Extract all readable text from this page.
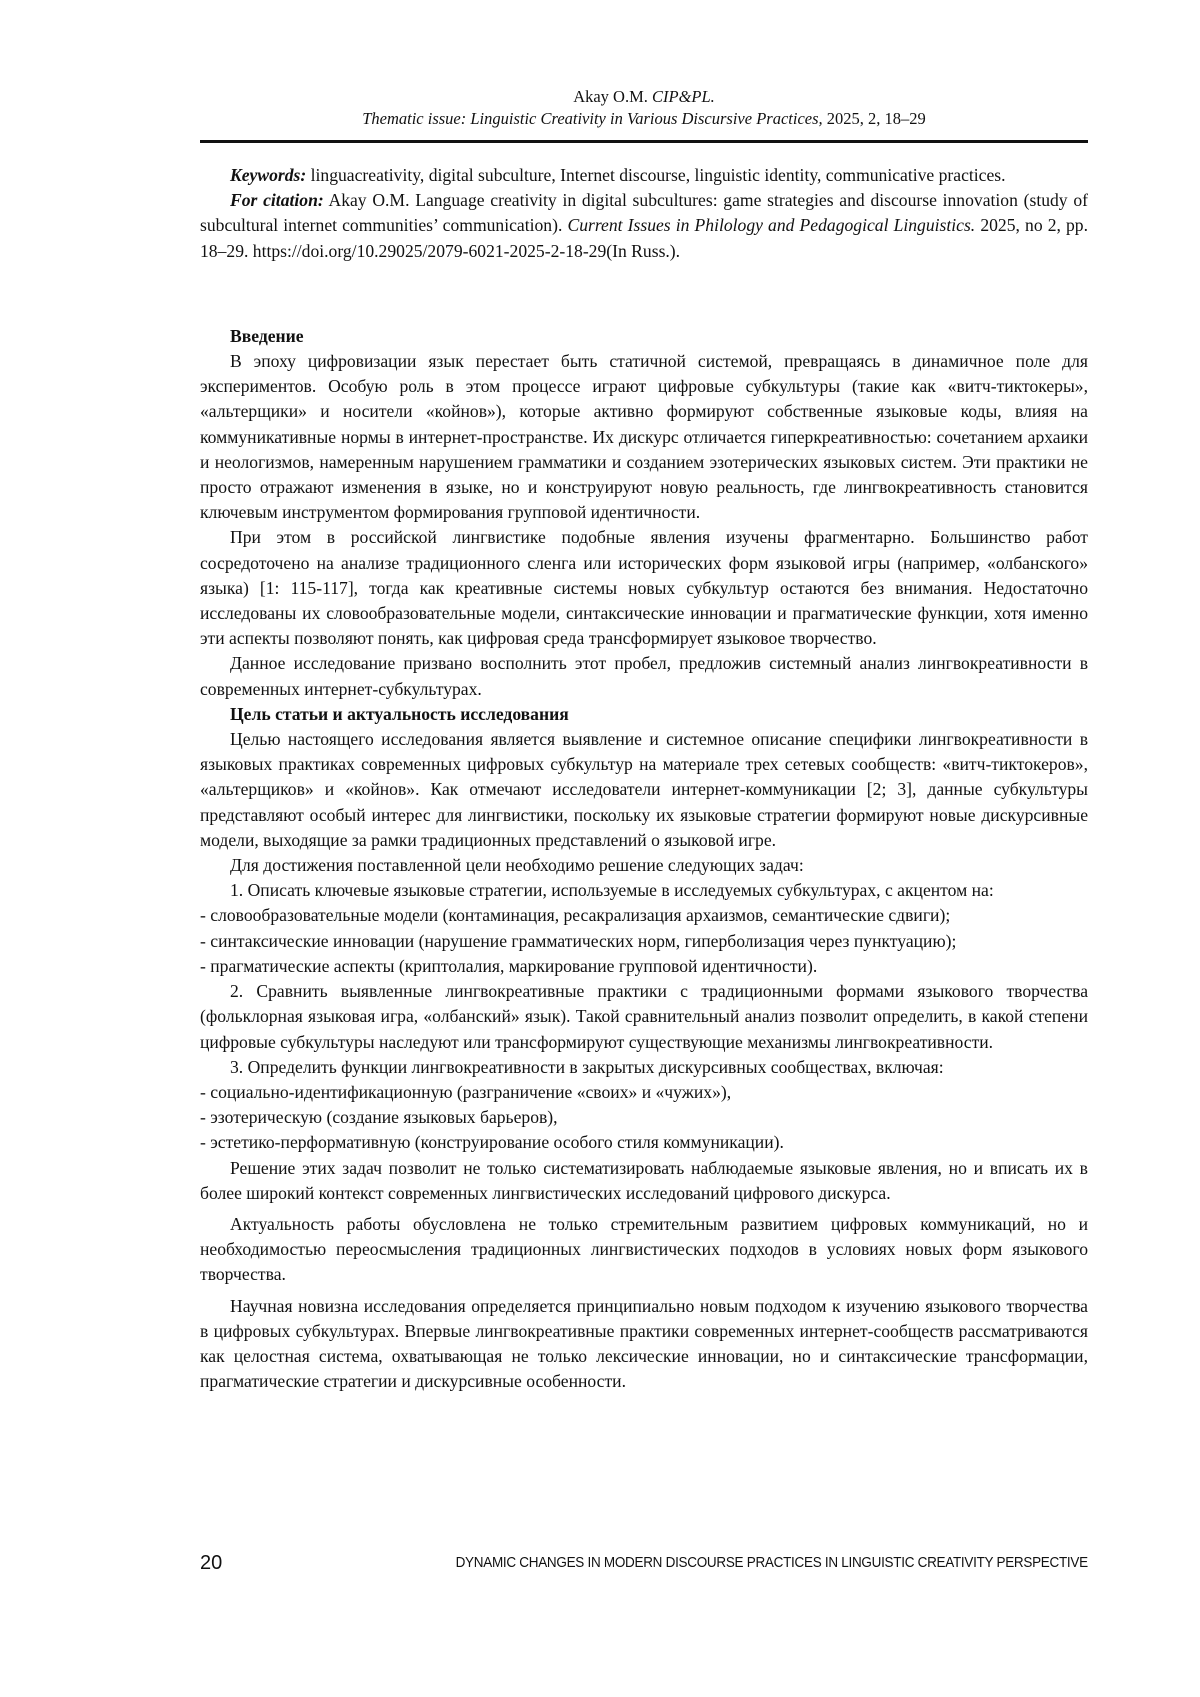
Akay O.M. CIP&PL.
Thematic issue: Linguistic Creativity in Various Discursive Practices, 2025, 2, 18–29

Keywords: linguacreativity, digital subculture, Internet discourse, linguistic identity, communicative practices.

For citation: Akay O.M. Language creativity in digital subcultures: game strategies and discourse innovation (study of subcultural internet communities’ communication). Current Issues in Philology and Pedagogical Linguistics. 2025, no 2, pp. 18–29. https://doi.org/10.29025/2079-6021-2025-2-18-29(In Russ.).

Введение

В эпоху цифровизации язык перестает быть статичной системой, превращаясь в динамичное поле для экспериментов. Особую роль в этом процессе играют цифровые субкультуры (такие как «витч-тиктокеры», «альтерщики» и носители «койнов»), которые активно формируют собственные языковые коды, влияя на коммуникативные нормы в интернет-пространстве. Их дискурс отличается гиперкреативностью: сочетанием архаики и неологизмов, намеренным нарушением грамматики и созданием эзотерических языковых систем. Эти практики не просто отражают изменения в языке, но и конструируют новую реальность, где лингвокреативность становится ключевым инструментом формирования групповой идентичности.

При этом в российской лингвистике подобные явления изучены фрагментарно. Большинство работ сосредоточено на анализе традиционного сленга или исторических форм языковой игры (например, «олбанского» языка) [1: 115-117], тогда как креативные системы новых субкультур остаются без внимания. Недостаточно исследованы их словообразовательные модели, синтаксические инновации и прагматические функции, хотя именно эти аспекты позволяют понять, как цифровая среда трансформирует языковое творчество.

Данное исследование призвано восполнить этот пробел, предложив системный анализ лингвокреативности в современных интернет-субкультурах.

Цель статьи и актуальность исследования

Целью настоящего исследования является выявление и системное описание специфики лингвокреативности в языковых практиках современных цифровых субкультур на материале трех сетевых сообществ: «витч-тиктокеров», «альтерщиков» и «койнов». Как отмечают исследователи интернет-коммуникации [2; 3], данные субкультуры представляют особый интерес для лингвистики, поскольку их языковые стратегии формируют новые дискурсивные модели, выходящие за рамки традиционных представлений о языковой игре.

Для достижения поставленной цели необходимо решение следующих задач:

1. Описать ключевые языковые стратегии, используемые в исследуемых субкультурах, с акцентом на:

- словообразовательные модели (контаминация, ресакрализация архаизмов, семантические сдвиги);

- синтаксические инновации (нарушение грамматических норм, гиперболизация через пунктуацию);

- прагматические аспекты (криптолалия, маркирование групповой идентичности).

2. Сравнить выявленные лингвокреативные практики с традиционными формами языкового творчества (фольклорная языковая игра, «олбанский» язык). Такой сравнительный анализ позволит определить, в какой степени цифровые субкультуры наследуют или трансформируют существующие механизмы лингвокреативности.

3. Определить функции лингвокреативности в закрытых дискурсивных сообществах, включая:

- социально-идентификационную (разграничение «своих» и «чужих»),

- эзотерическую (создание языковых барьеров),

- эстетико-перформативную (конструирование особого стиля коммуникации).

Решение этих задач позволит не только систематизировать наблюдаемые языковые явления, но и вписать их в более широкий контекст современных лингвистических исследований цифрового дискурса.

Актуальность работы обусловлена не только стремительным развитием цифровых коммуникаций, но и необходимостью переосмысления традиционных лингвистических подходов в условиях новых форм языкового творчества.

Научная новизна исследования определяется принципиально новым подходом к изучению языкового творчества в цифровых субкультурах. Впервые лингвокреативные практики современных интернет-сообществ рассматриваются как целостная система, охватывающая не только лексические инновации, но и синтаксические трансформации, прагматические стратегии и дискурсивные особенности.

20	DYNAMIC CHANGES IN MODERN DISCOURSE PRACTICES IN LINGUISTIC CREATIVITY PERSPECTIVE
